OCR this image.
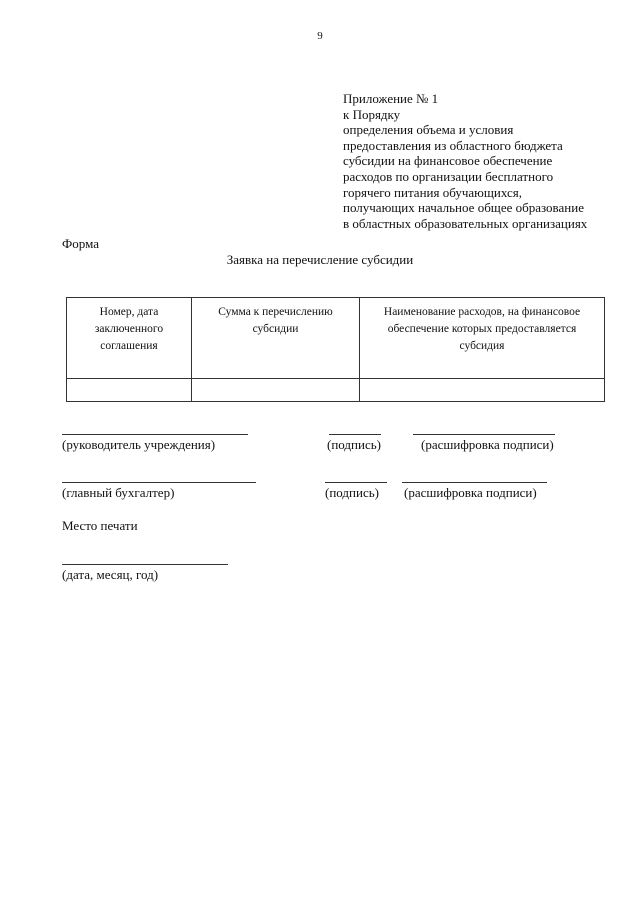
9
Приложение № 1
к Порядку
определения объема и условия
предоставления из областного бюджета
субсидии на финансовое обеспечение
расходов по организации бесплатного
горячего питания обучающихся,
получающих начальное общее образование
в областных образовательных организациях
Форма
Заявка на перечисление субсидии
Номер, дата заключенного соглашения	Сумма к перечислению субсидии	Наименование расходов, на финансовое обеспечение которых предоставляется субсидия

(руководитель учреждения)	(подпись)	(расшифровка подписи)
(главный бухгалтер)	(подпись) (расшифровка подписи)
Место печати
(дата, месяц, год)
